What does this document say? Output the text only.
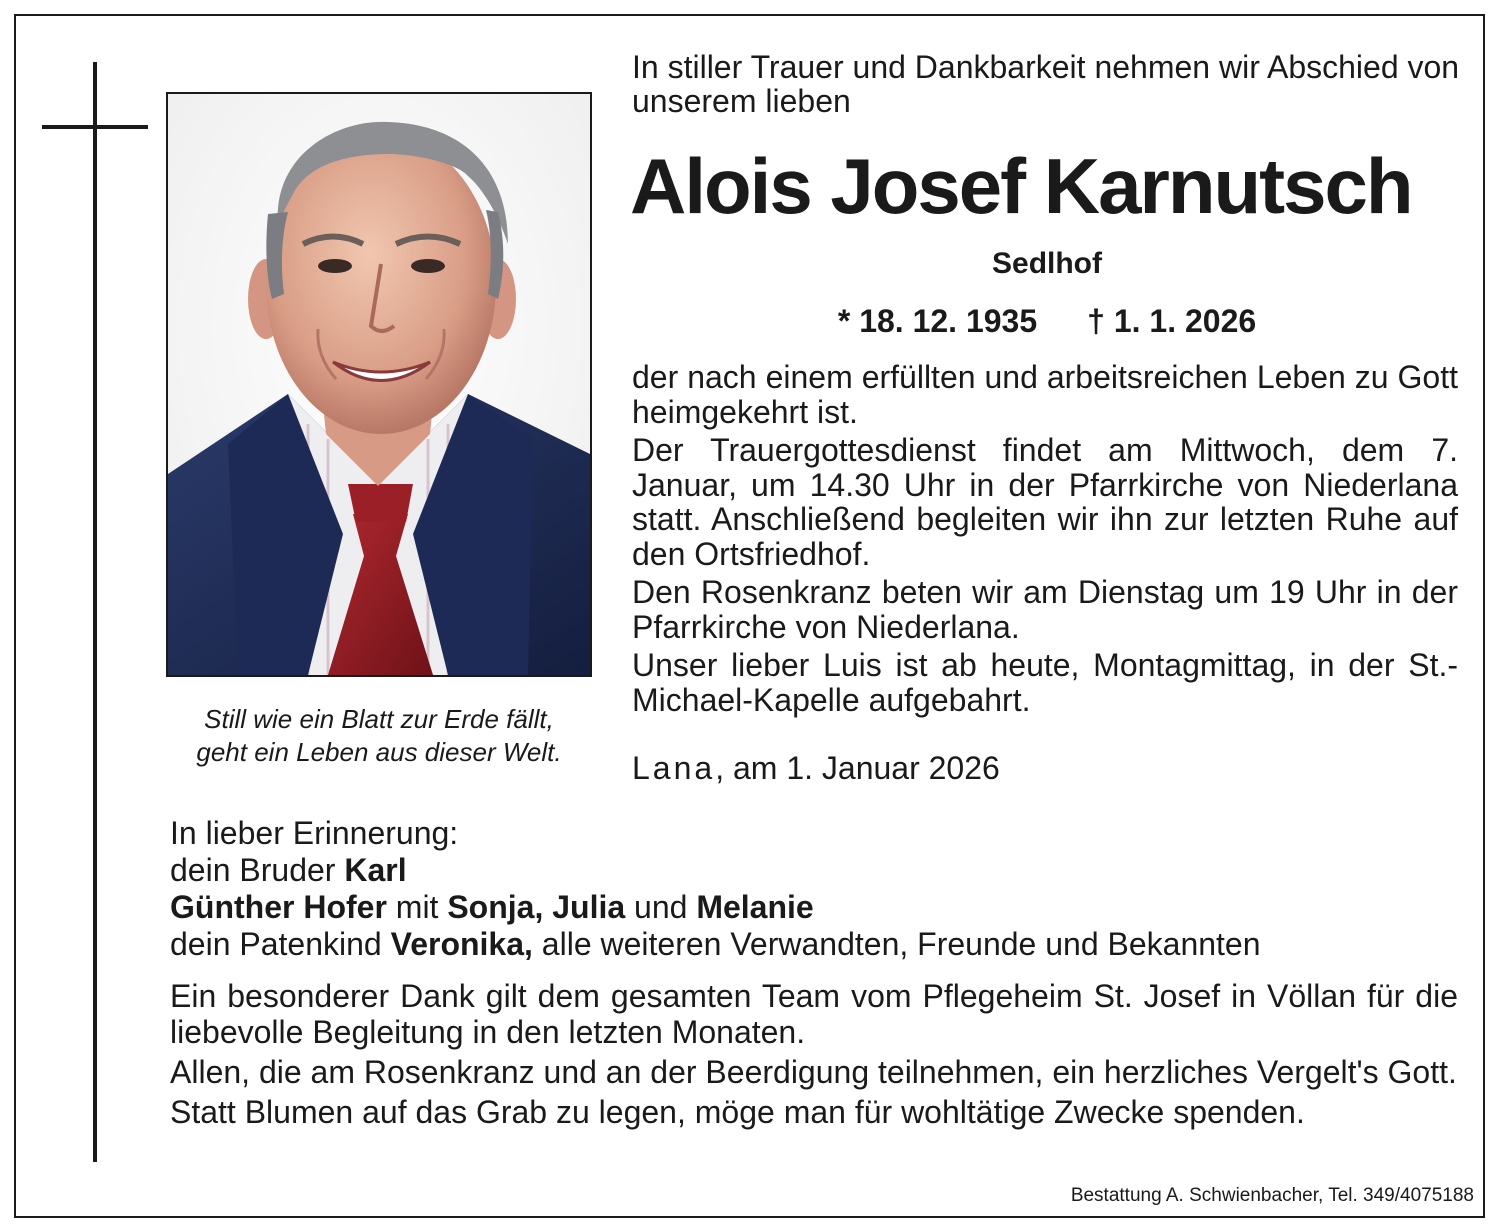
Still wie ein Blatt zur Erde fällt,
geht ein Leben aus dieser Welt.
In stiller Trauer und Dankbarkeit nehmen wir Abschied von unserem lieben
Alois Josef Karnutsch
Sedlhof
* 18. 12. 1935 † 1. 1. 2026

der nach einem erfüllten und arbeitsreichen Leben zu Gott heimgekehrt ist.

Der Trauergottesdienst findet am Mittwoch, dem 7. Januar, um 14.30 Uhr in der Pfarrkirche von Niederlana statt. Anschließend begleiten wir ihn zur letzten Ruhe auf den Ortsfriedhof.

Den Rosenkranz beten wir am Dienstag um 19 Uhr in der Pfarrkirche von Niederlana.

Unser lieber Luis ist ab heute, Montagmittag, in der St.-Michael-Kapelle aufgebahrt.

Lana, am 1. Januar 2026
In lieber Erinnerung:
dein Bruder Karl
Günther Hofer mit Sonja, Julia und Melanie
dein Patenkind Veronika, alle weiteren Verwandten, Freunde und Bekannten

Ein besonderer Dank gilt dem gesamten Team vom Pflegeheim St. Josef in Völlan für die liebevolle Begleitung in den letzten Monaten.

Allen, die am Rosenkranz und an der Beerdigung teilnehmen, ein herzliches Vergelt's Gott.

Statt Blumen auf das Grab zu legen, möge man für wohltätige Zwecke spenden.

Bestattung A. Schwienbacher, Tel. 349/4075188
